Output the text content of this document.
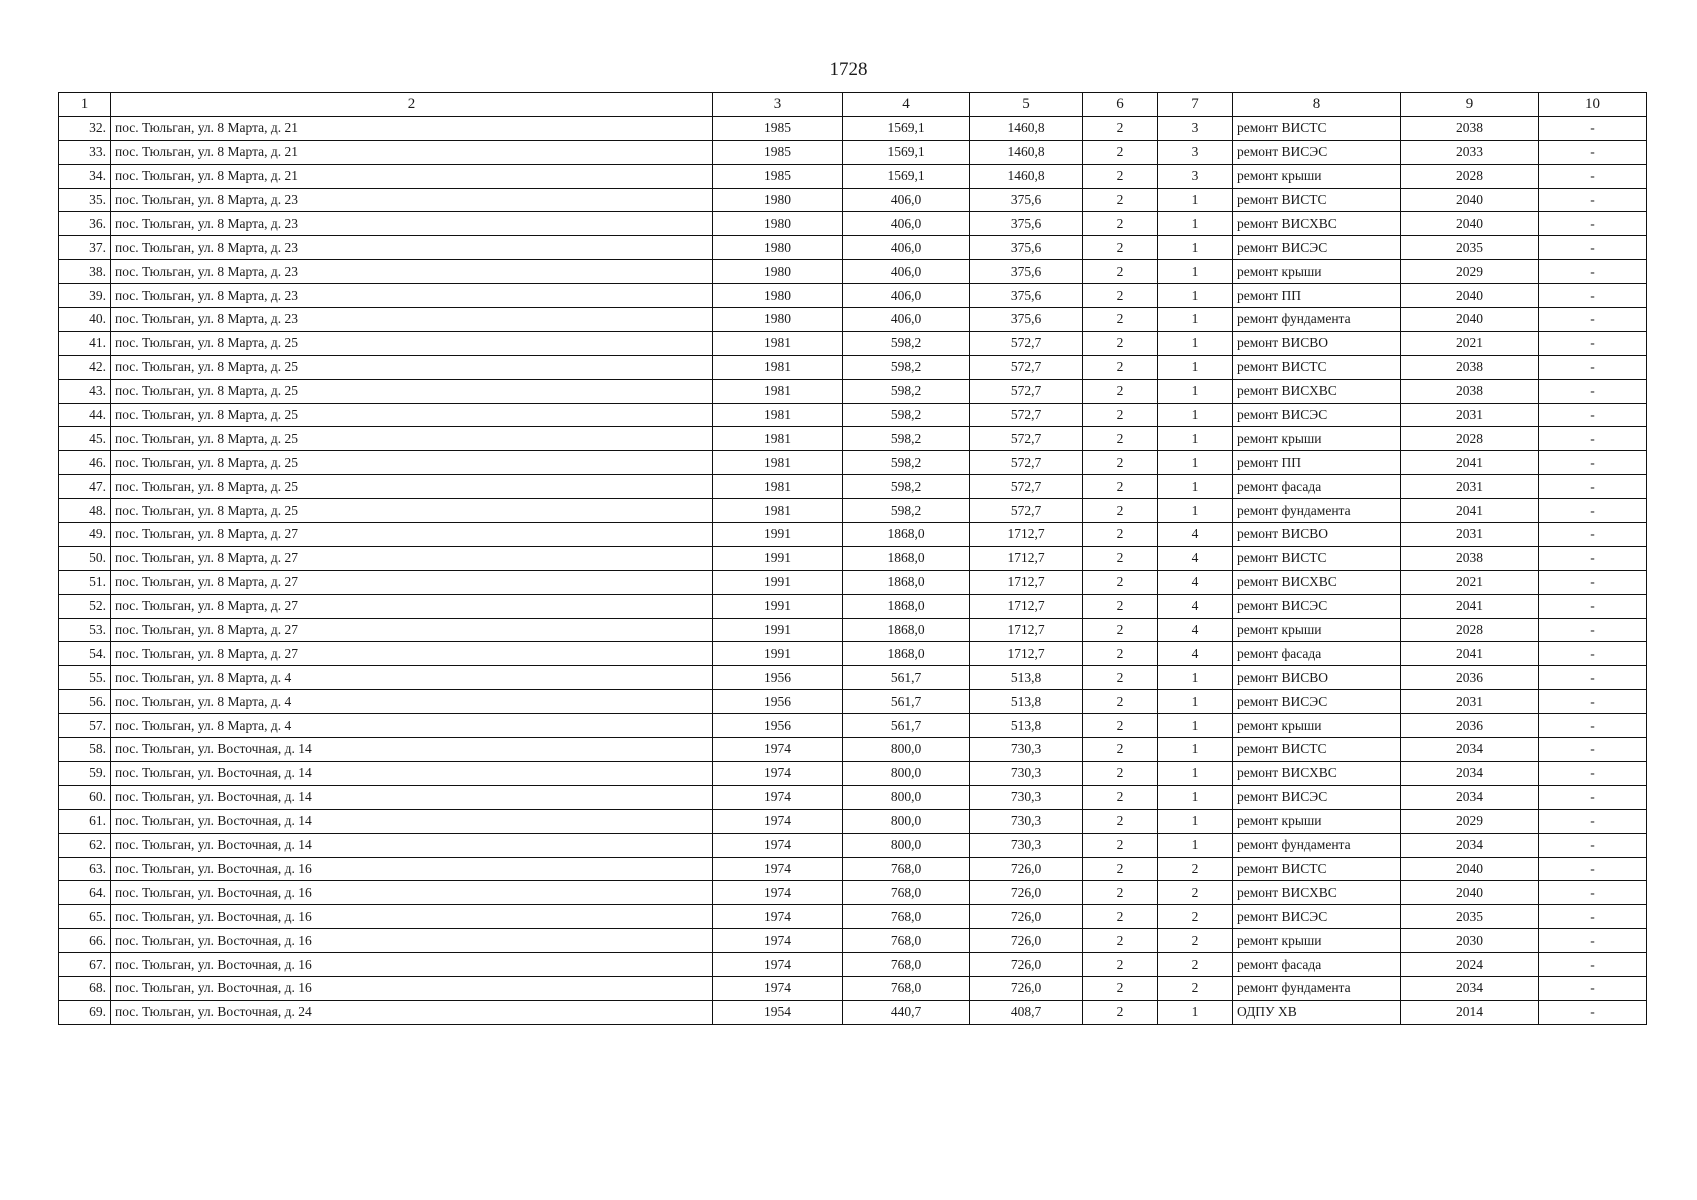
1728
1	2	3	4	5	6	7	8	9	10
32.	пос. Тюльган, ул. 8 Марта, д. 21	1985	1569,1	1460,8	2	3	ремонт ВИСТС	2038	-
33.	пос. Тюльган, ул. 8 Марта, д. 21	1985	1569,1	1460,8	2	3	ремонт ВИСЭС	2033	-
34.	пос. Тюльган, ул. 8 Марта, д. 21	1985	1569,1	1460,8	2	3	ремонт крыши	2028	-
35.	пос. Тюльган, ул. 8 Марта, д. 23	1980	406,0	375,6	2	1	ремонт ВИСТС	2040	-
36.	пос. Тюльган, ул. 8 Марта, д. 23	1980	406,0	375,6	2	1	ремонт ВИСХВС	2040	-
37.	пос. Тюльган, ул. 8 Марта, д. 23	1980	406,0	375,6	2	1	ремонт ВИСЭС	2035	-
38.	пос. Тюльган, ул. 8 Марта, д. 23	1980	406,0	375,6	2	1	ремонт крыши	2029	-
39.	пос. Тюльган, ул. 8 Марта, д. 23	1980	406,0	375,6	2	1	ремонт ПП	2040	-
40.	пос. Тюльган, ул. 8 Марта, д. 23	1980	406,0	375,6	2	1	ремонт фундамента	2040	-
41.	пос. Тюльган, ул. 8 Марта, д. 25	1981	598,2	572,7	2	1	ремонт ВИСВО	2021	-
42.	пос. Тюльган, ул. 8 Марта, д. 25	1981	598,2	572,7	2	1	ремонт ВИСТС	2038	-
43.	пос. Тюльган, ул. 8 Марта, д. 25	1981	598,2	572,7	2	1	ремонт ВИСХВС	2038	-
44.	пос. Тюльган, ул. 8 Марта, д. 25	1981	598,2	572,7	2	1	ремонт ВИСЭС	2031	-
45.	пос. Тюльган, ул. 8 Марта, д. 25	1981	598,2	572,7	2	1	ремонт крыши	2028	-
46.	пос. Тюльган, ул. 8 Марта, д. 25	1981	598,2	572,7	2	1	ремонт ПП	2041	-
47.	пос. Тюльган, ул. 8 Марта, д. 25	1981	598,2	572,7	2	1	ремонт фасада	2031	-
48.	пос. Тюльган, ул. 8 Марта, д. 25	1981	598,2	572,7	2	1	ремонт фундамента	2041	-
49.	пос. Тюльган, ул. 8 Марта, д. 27	1991	1868,0	1712,7	2	4	ремонт ВИСВО	2031	-
50.	пос. Тюльган, ул. 8 Марта, д. 27	1991	1868,0	1712,7	2	4	ремонт ВИСТС	2038	-
51.	пос. Тюльган, ул. 8 Марта, д. 27	1991	1868,0	1712,7	2	4	ремонт ВИСХВС	2021	-
52.	пос. Тюльган, ул. 8 Марта, д. 27	1991	1868,0	1712,7	2	4	ремонт ВИСЭС	2041	-
53.	пос. Тюльган, ул. 8 Марта, д. 27	1991	1868,0	1712,7	2	4	ремонт крыши	2028	-
54.	пос. Тюльган, ул. 8 Марта, д. 27	1991	1868,0	1712,7	2	4	ремонт фасада	2041	-
55.	пос. Тюльган, ул. 8 Марта, д. 4	1956	561,7	513,8	2	1	ремонт ВИСВО	2036	-
56.	пос. Тюльган, ул. 8 Марта, д. 4	1956	561,7	513,8	2	1	ремонт ВИСЭС	2031	-
57.	пос. Тюльган, ул. 8 Марта, д. 4	1956	561,7	513,8	2	1	ремонт крыши	2036	-
58.	пос. Тюльган, ул. Восточная, д. 14	1974	800,0	730,3	2	1	ремонт ВИСТС	2034	-
59.	пос. Тюльган, ул. Восточная, д. 14	1974	800,0	730,3	2	1	ремонт ВИСХВС	2034	-
60.	пос. Тюльган, ул. Восточная, д. 14	1974	800,0	730,3	2	1	ремонт ВИСЭС	2034	-
61.	пос. Тюльган, ул. Восточная, д. 14	1974	800,0	730,3	2	1	ремонт крыши	2029	-
62.	пос. Тюльган, ул. Восточная, д. 14	1974	800,0	730,3	2	1	ремонт фундамента	2034	-
63.	пос. Тюльган, ул. Восточная, д. 16	1974	768,0	726,0	2	2	ремонт ВИСТС	2040	-
64.	пос. Тюльган, ул. Восточная, д. 16	1974	768,0	726,0	2	2	ремонт ВИСХВС	2040	-
65.	пос. Тюльган, ул. Восточная, д. 16	1974	768,0	726,0	2	2	ремонт ВИСЭС	2035	-
66.	пос. Тюльган, ул. Восточная, д. 16	1974	768,0	726,0	2	2	ремонт крыши	2030	-
67.	пос. Тюльган, ул. Восточная, д. 16	1974	768,0	726,0	2	2	ремонт фасада	2024	-
68.	пос. Тюльган, ул. Восточная, д. 16	1974	768,0	726,0	2	2	ремонт фундамента	2034	-
69.	пос. Тюльган, ул. Восточная, д. 24	1954	440,7	408,7	2	1	ОДПУ ХВ	2014	-
